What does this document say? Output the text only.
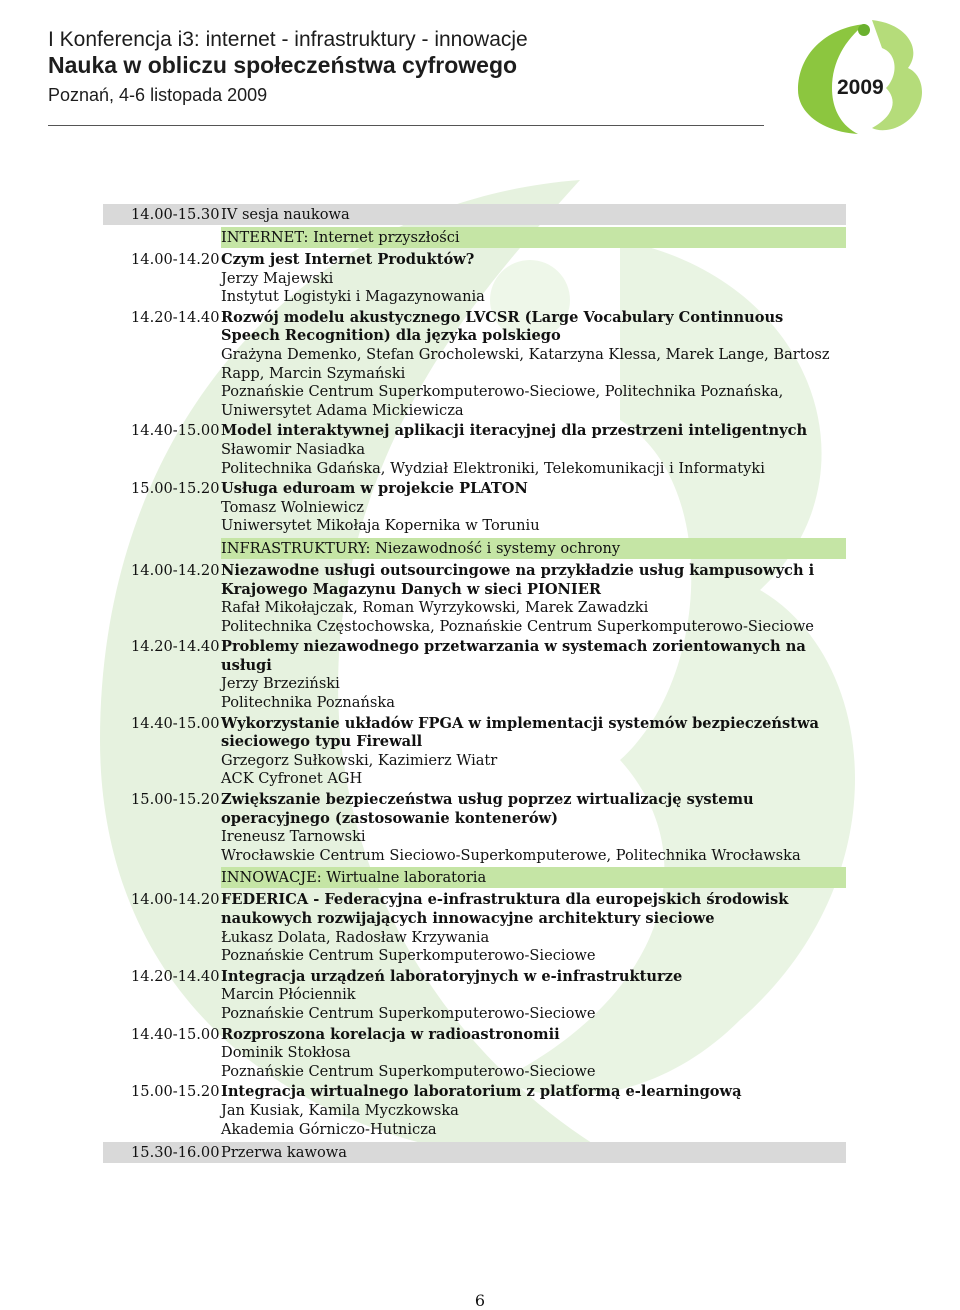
I Konferencja i3: internet - infrastruktury - innowacje
Nauka w obliczu społeczeństwa cyfrowego
Poznań, 4-6 listopada 2009	2009
14.00-15.30 IV sesja naukowa
INTERNET: Internet przyszłości
14.00-14.20 Czym jest Internet Produktów?
Jerzy Majewski
Instytut Logistyki i Magazynowania
14.20-14.40 Rozwój modelu akustycznego LVCSR (Large Vocabulary Continnuous Speech Recognition) dla języka polskiego
Grażyna Demenko, Stefan Grocholewski, Katarzyna Klessa, Marek Lange, Bartosz Rapp, Marcin Szymański
Poznańskie Centrum Superkomputerowo-Sieciowe, Politechnika Poznańska, Uniwersytet Adama Mickiewicza
14.40-15.00 Model interaktywnej aplikacji iteracyjnej dla przestrzeni inteligentnych
Sławomir Nasiadka
Politechnika Gdańska, Wydział Elektroniki, Telekomunikacji i Informatyki
15.00-15.20 Usługa eduroam w projekcie PLATON
Tomasz Wolniewicz
Uniwersytet Mikołaja Kopernika w Toruniu
INFRASTRUKTURY: Niezawodność i systemy ochrony
14.00-14.20 Niezawodne usługi outsourcingowe na przykładzie usług kampusowych i Krajowego Magazynu Danych w sieci PIONIER
Rafał Mikołajczak, Roman Wyrzykowski, Marek Zawadzki
Politechnika Częstochowska, Poznańskie Centrum Superkomputerowo-Sieciowe
14.20-14.40 Problemy niezawodnego przetwarzania w systemach zorientowanych na usługi
Jerzy Brzeziński
Politechnika Poznańska
14.40-15.00 Wykorzystanie układów FPGA w implementacji systemów bezpieczeństwa sieciowego typu Firewall
Grzegorz Sułkowski, Kazimierz Wiatr
ACK Cyfronet AGH
15.00-15.20 Zwiększanie bezpieczeństwa usług poprzez wirtualizację systemu operacyjnego (zastosowanie kontenerów)
Ireneusz Tarnowski
Wrocławskie Centrum Sieciowo-Superkomputerowe, Politechnika Wrocławska
INNOWACJE: Wirtualne laboratoria
14.00-14.20 FEDERICA - Federacyjna e-infrastruktura dla europejskich środowisk naukowych rozwijających innowacyjne architektury sieciowe
Łukasz Dolata, Radosław Krzywania
Poznańskie Centrum Superkomputerowo-Sieciowe
14.20-14.40 Integracja urządzeń laboratoryjnych w e-infrastrukturze
Marcin Płóciennik
Poznańskie Centrum Superkomputerowo-Sieciowe
14.40-15.00 Rozproszona korelacja w radioastronomii
Dominik Stokłosa
Poznańskie Centrum Superkomputerowo-Sieciowe
15.00-15.20 Integracja wirtualnego laboratorium z platformą e-learningową
Jan Kusiak, Kamila Myczkowska
Akademia Górniczo-Hutnicza
15.30-16.00 Przerwa kawowa
6
